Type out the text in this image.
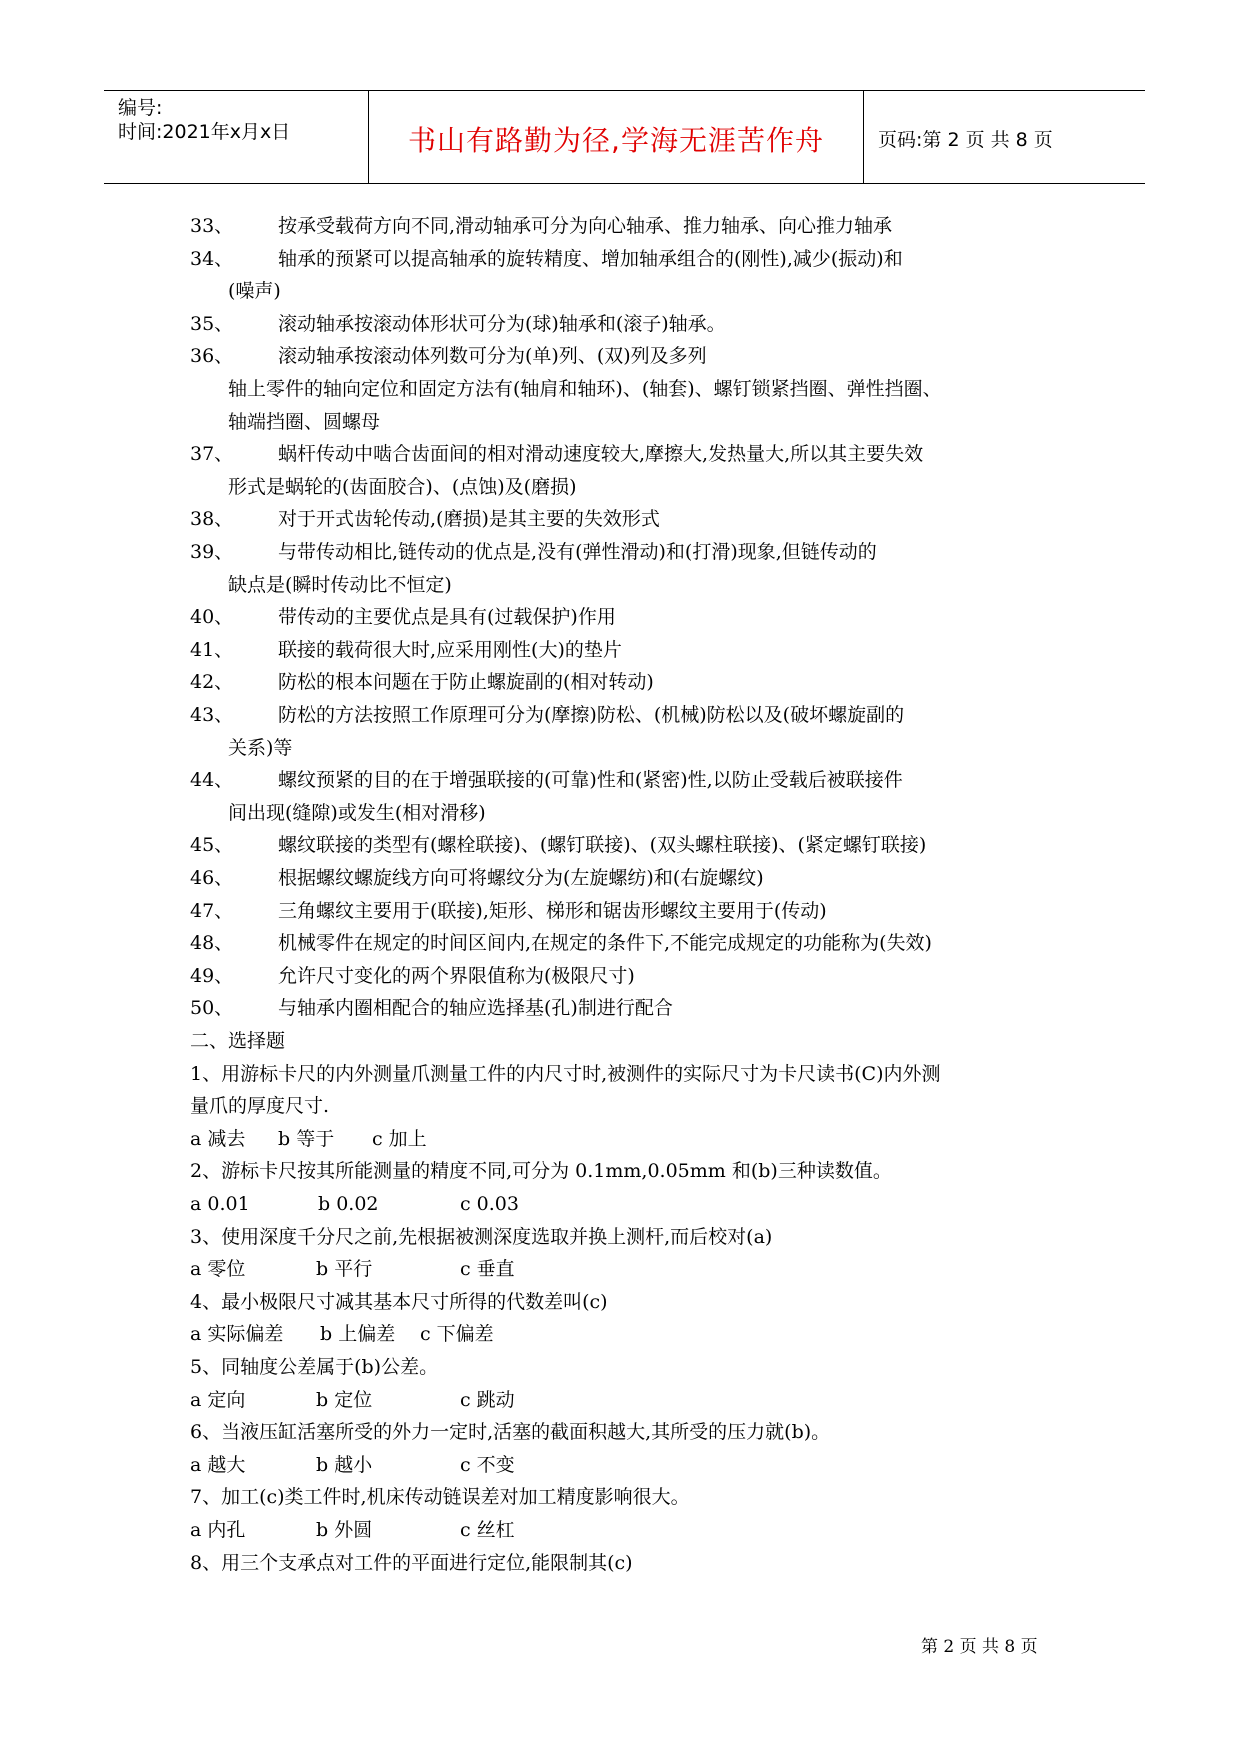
编号:
时间:2021年x月x日	书山有路勤为径,学海无涯苦作舟	页码:第 2 页 共 8 页
33、 按承受载荷方向不同,滑动轴承可分为向心轴承、推力轴承、向心推力轴承
34、 轴承的预紧可以提高轴承的旋转精度、增加轴承组合的(刚性),减少(振动)和
(噪声)
35、 滚动轴承按滚动体形状可分为(球)轴承和(滚子)轴承。
36、 滚动轴承按滚动体列数可分为(单)列、(双)列及多列
轴上零件的轴向定位和固定方法有(轴肩和轴环)、(轴套)、螺钉锁紧挡圈、弹性挡圈、
轴端挡圈、圆螺母
37、 蜗杆传动中啮合齿面间的相对滑动速度较大,摩擦大,发热量大,所以其主要失效
形式是蜗轮的(齿面胶合)、(点蚀)及(磨损)
38、 对于开式齿轮传动,(磨损)是其主要的失效形式
39、 与带传动相比,链传动的优点是,没有(弹性滑动)和(打滑)现象,但链传动的
缺点是(瞬时传动比不恒定)
40、 带传动的主要优点是具有(过载保护)作用
41、 联接的载荷很大时,应采用刚性(大)的垫片
42、 防松的根本问题在于防止螺旋副的(相对转动)
43、 防松的方法按照工作原理可分为(摩擦)防松、(机械)防松以及(破坏螺旋副的
关系)等
44、 螺纹预紧的目的在于增强联接的(可靠)性和(紧密)性,以防止受载后被联接件
间出现(缝隙)或发生(相对滑移)
45、 螺纹联接的类型有(螺栓联接)、(螺钉联接)、(双头螺柱联接)、(紧定螺钉联接)
46、 根据螺纹螺旋线方向可将螺纹分为(左旋螺纺)和(右旋螺纹)
47、 三角螺纹主要用于(联接),矩形、梯形和锯齿形螺纹主要用于(传动)
48、 机械零件在规定的时间区间内,在规定的条件下,不能完成规定的功能称为(失效)
49、 允许尺寸变化的两个界限值称为(极限尺寸)
50、 与轴承内圈相配合的轴应选择基(孔)制进行配合
二、选择题
1、用游标卡尺的内外测量爪测量工件的内尺寸时,被测件的实际尺寸为卡尺读书(C)内外测
量爪的厚度尺寸.
a 减去 b 等于 c 加上
2、游标卡尺按其所能测量的精度不同,可分为 0.1mm,0.05mm 和(b)三种读数值。
a 0.01	b 0.02	c 0.03
3、使用深度千分尺之前,先根据被测深度选取并换上测杆,而后校对(a)
a 零位	b 平行	c 垂直
4、最小极限尺寸减其基本尺寸所得的代数差叫(c)
a 实际偏差 b 上偏差 c 下偏差
5、同轴度公差属于(b)公差。
a 定向	b 定位	c 跳动
6、当液压缸活塞所受的外力一定时,活塞的截面积越大,其所受的压力就(b)。
a 越大	b 越小	c 不变
7、加工(c)类工件时,机床传动链误差对加工精度影响很大。
a 内孔	b 外圆	c 丝杠
8、用三个支承点对工件的平面进行定位,能限制其(c)
第 2 页 共 8 页
